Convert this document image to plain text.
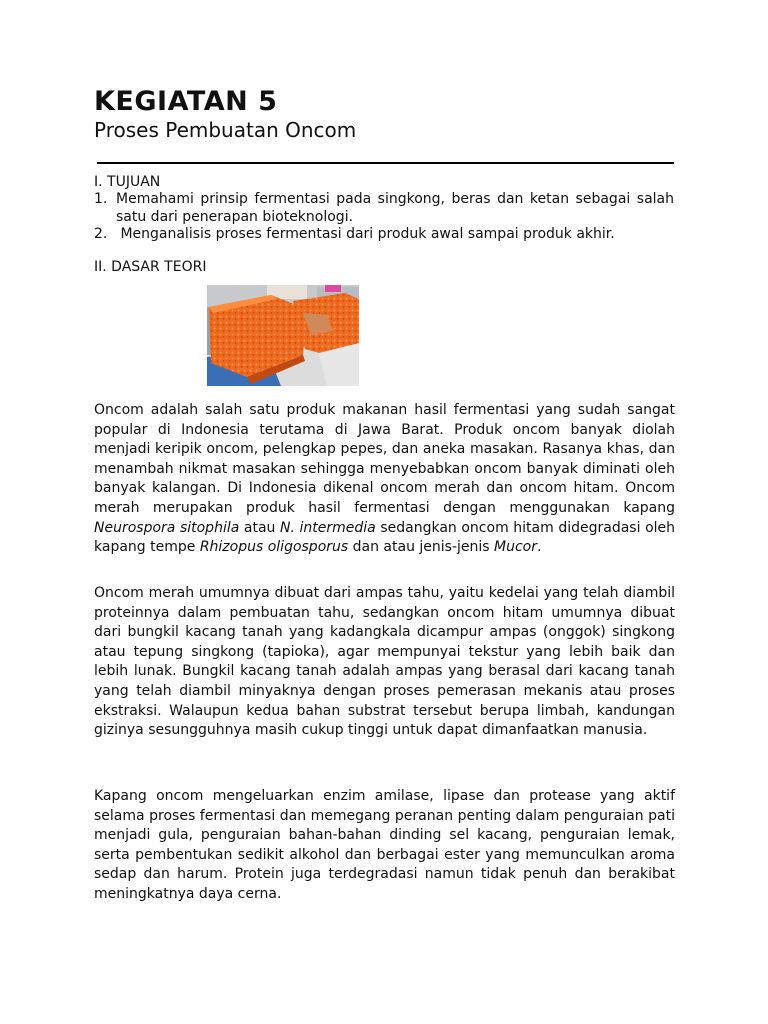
KEGIATAN 5
Proses Pembuatan Oncom
I. TUJUAN
1. Memahami prinsip fermentasi pada singkong, beras dan ketan sebagai salah satu dari penerapan bioteknologi.
2. Menganalisis proses fermentasi dari produk awal sampai produk akhir.
II. DASAR TEORI

Oncom adalah salah satu produk makanan hasil fermentasi yang sudah sangat popular di Indonesia terutama di Jawa Barat. Produk oncom banyak diolah menjadi keripik oncom, pelengkap pepes, dan aneka masakan. Rasanya khas, dan menambah nikmat masakan sehingga menyebabkan oncom banyak diminati oleh banyak kalangan. Di Indonesia dikenal oncom merah dan oncom hitam. Oncom merah merupakan produk hasil fermentasi dengan menggunakan kapang Neurospora sitophila atau N. intermedia sedangkan oncom hitam didegradasi oleh kapang tempe Rhizopus oligosporus dan atau jenis-jenis Mucor.

Oncom merah umumnya dibuat dari ampas tahu, yaitu kedelai yang telah diambil proteinnya dalam pembuatan tahu, sedangkan oncom hitam umumnya dibuat dari bungkil kacang tanah yang kadangkala dicampur ampas (onggok) singkong atau tepung singkong (tapioka), agar mempunyai tekstur yang lebih baik dan lebih lunak. Bungkil kacang tanah adalah ampas yang berasal dari kacang tanah yang telah diambil minyaknya dengan proses pemerasan mekanis atau proses ekstraksi. Walaupun kedua bahan substrat tersebut berupa limbah, kandungan gizinya sesungguhnya masih cukup tinggi untuk dapat dimanfaatkan manusia.

Kapang oncom mengeluarkan enzim amilase, lipase dan protease yang aktif selama proses fermentasi dan memegang peranan penting dalam penguraian pati menjadi gula, penguraian bahan-bahan dinding sel kacang, penguraian lemak, serta pembentukan sedikit alkohol dan berbagai ester yang memunculkan aroma sedap dan harum. Protein juga terdegradasi namun tidak penuh dan berakibat meningkatnya daya cerna.
